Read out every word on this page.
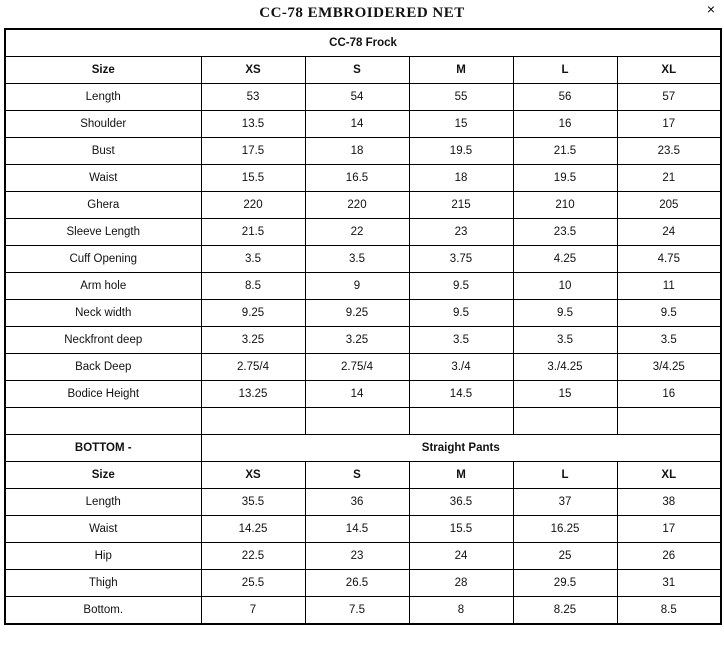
CC-78 EMBROIDERED NET	×
CC-78 Frock					
Size	XS	S	M	L	XL
Length	53	54	55	56	57
Shoulder	13.5	14	15	16	17
Bust	17.5	18	19.5	21.5	23.5
Waist	15.5	16.5	18	19.5	21
Ghera	220	220	215	210	205
Sleeve Length	21.5	22	23	23.5	24
Cuff Opening	3.5	3.5	3.75	4.25	4.75
Arm hole	8.5	9	9.5	10	11
Neck width	9.25	9.25	9.5	9.5	9.5
Neckfront deep	3.25	3.25	3.5	3.5	3.5
Back Deep	2.75/4	2.75/4	3./4	3./4.25	3/4.25
Bodice Height	13.25	14	14.5	15	16

BOTTOM -	Straight Pants				
Size	XS	S	M	L	XL
Length	35.5	36	36.5	37	38
Waist	14.25	14.5	15.5	16.25	17
Hip	22.5	23	24	25	26
Thigh	25.5	26.5	28	29.5	31
Bottom.	7	7.5	8	8.25	8.5
